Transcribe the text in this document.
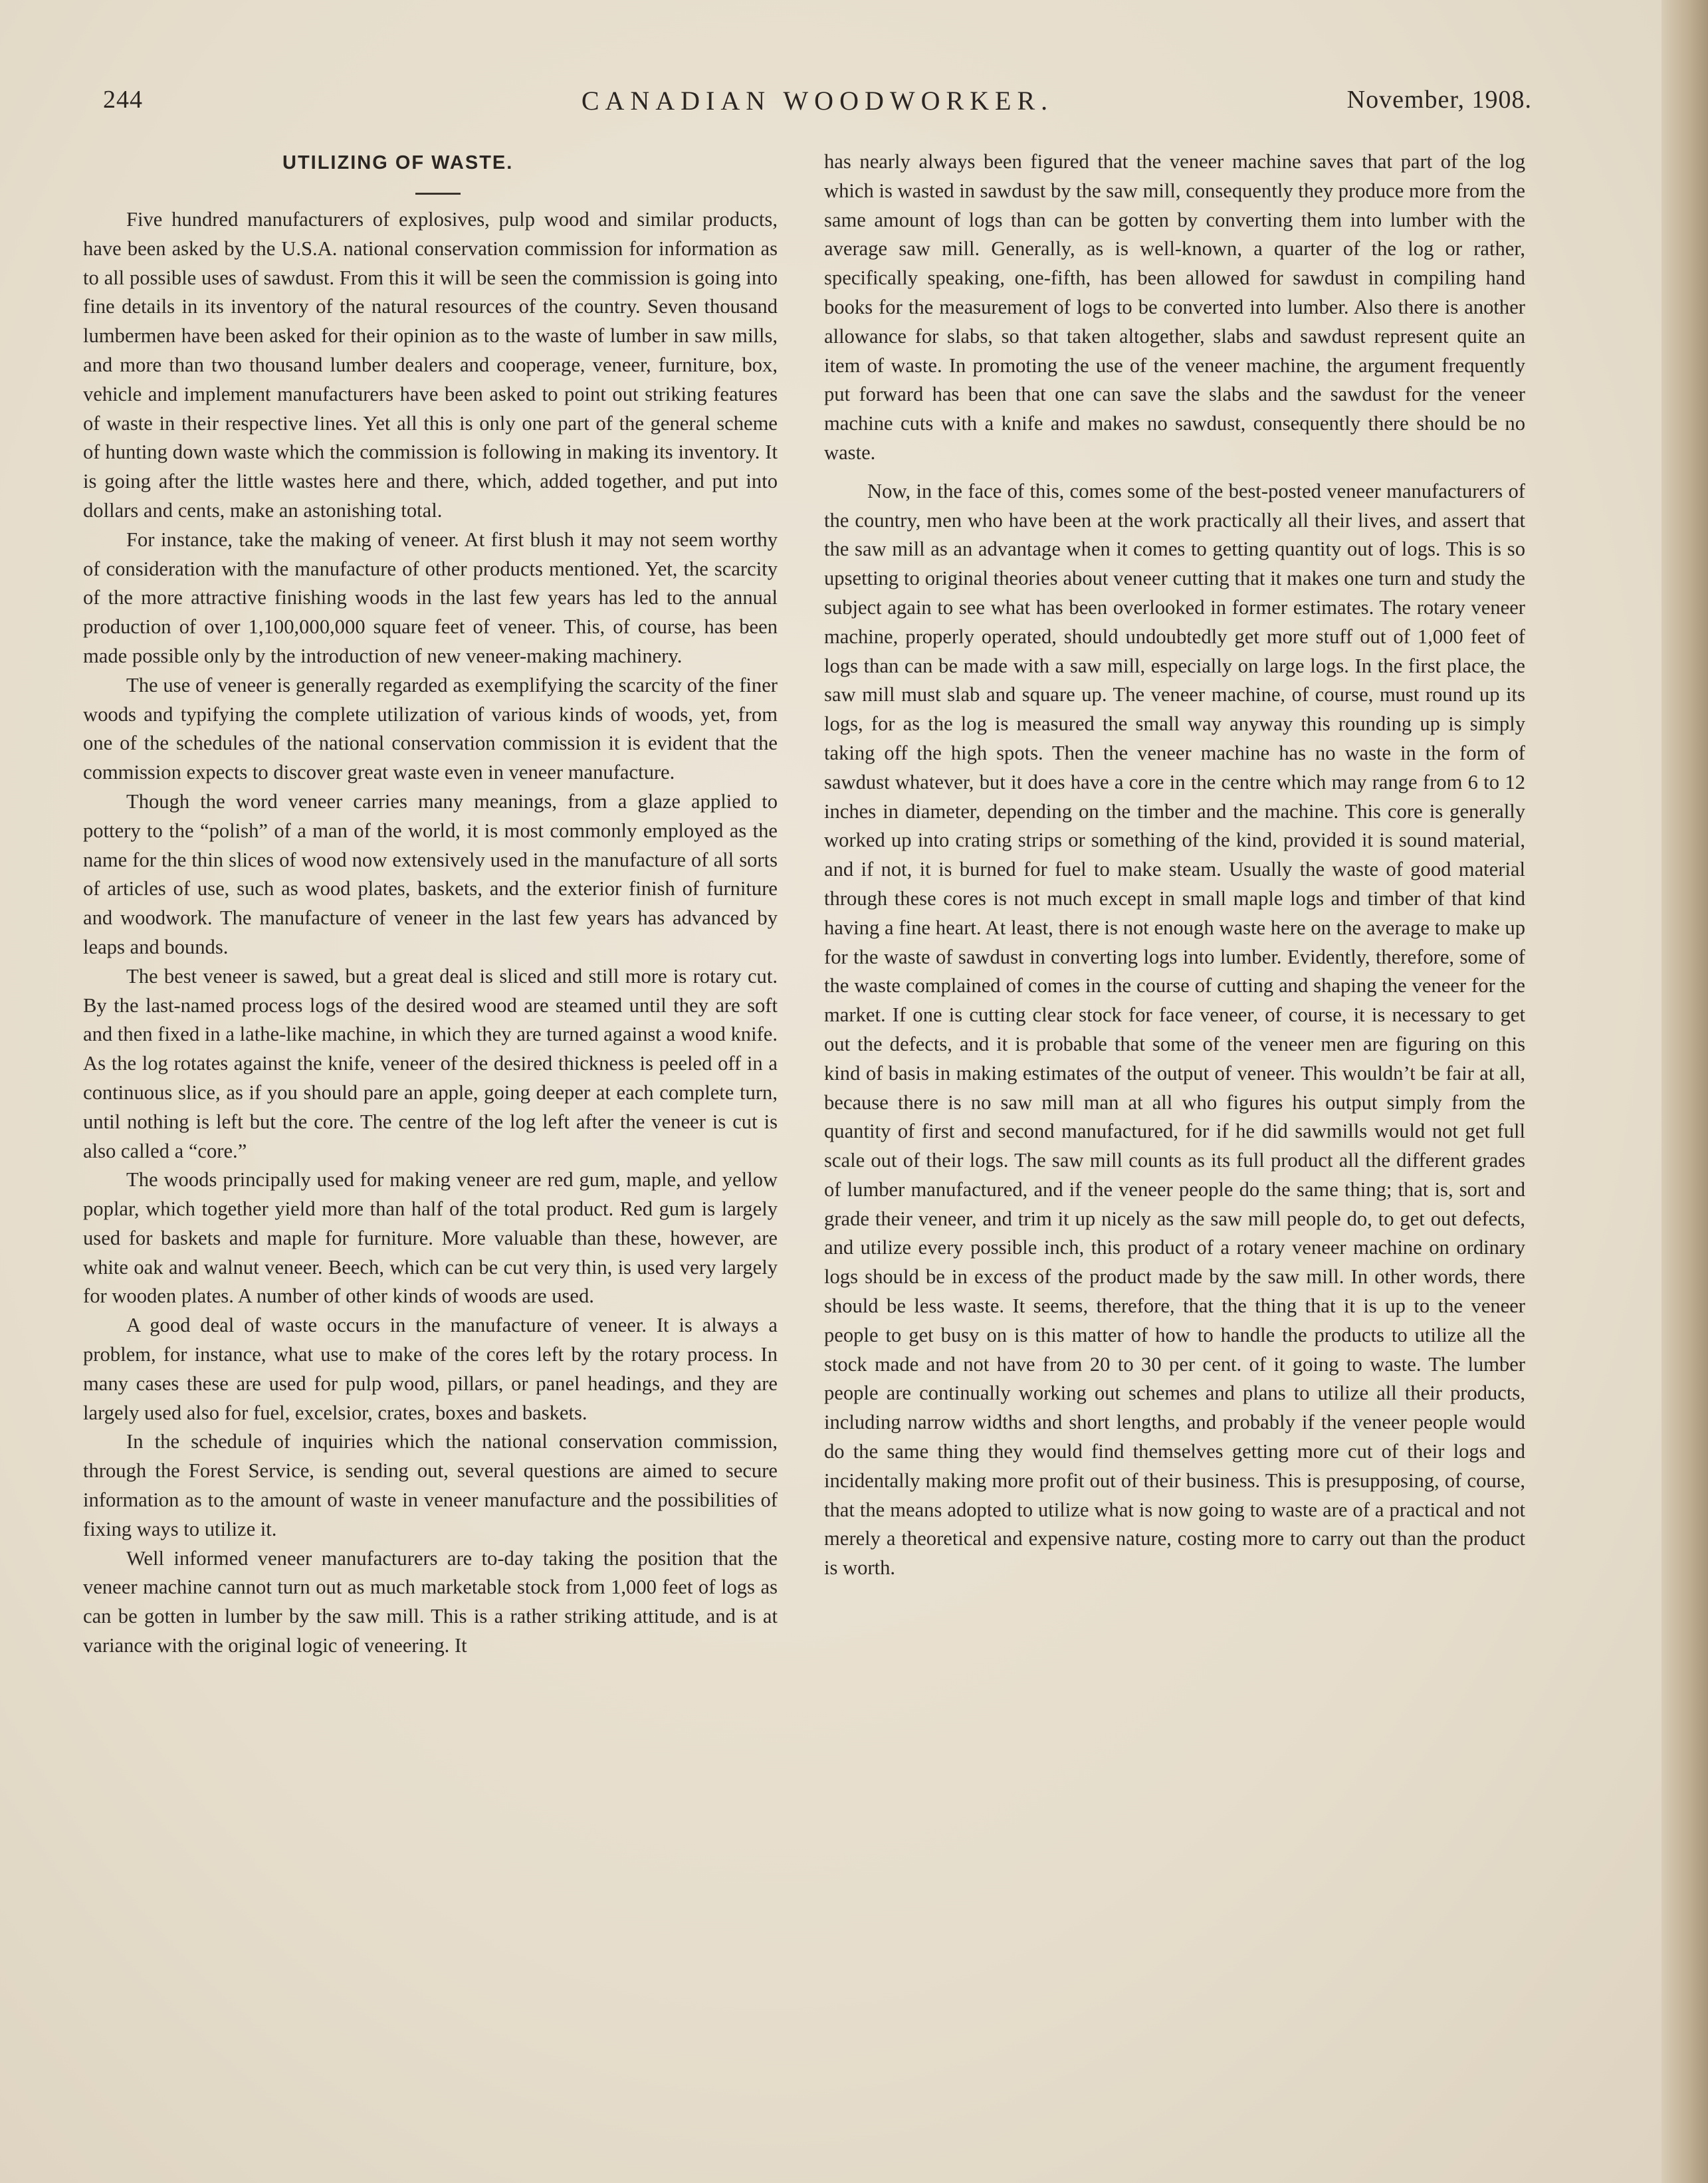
244	CANADIAN WOODWORKER.	November, 1908.
UTILIZING OF WASTE.

Five hundred manufacturers of explosives, pulp wood and similar products, have been asked by the U.S.A. national conservation commission for information as to all possible uses of sawdust. From this it will be seen the commission is going into fine details in its inventory of the natural resources of the country. Seven thousand lumbermen have been asked for their opinion as to the waste of lumber in saw mills, and more than two thousand lumber dealers and cooperage, veneer, furniture, box, vehicle and implement manufacturers have been asked to point out striking features of waste in their respective lines. Yet all this is only one part of the general scheme of hunting down waste which the commission is following in making its inventory. It is going after the little wastes here and there, which, added together, and put into dollars and cents, make an astonishing total.

For instance, take the making of veneer. At first blush it may not seem worthy of consideration with the manufacture of other products mentioned. Yet, the scarcity of the more attractive finishing woods in the last few years has led to the annual production of over 1,100,000,000 square feet of veneer. This, of course, has been made possible only by the introduction of new veneer-making machinery.

The use of veneer is generally regarded as exemplifying the scarcity of the finer woods and typifying the complete utilization of various kinds of woods, yet, from one of the schedules of the national conservation commission it is evident that the commission expects to discover great waste even in veneer manufacture.

Though the word veneer carries many meanings, from a glaze applied to pottery to the “polish” of a man of the world, it is most commonly employed as the name for the thin slices of wood now extensively used in the manufacture of all sorts of articles of use, such as wood plates, baskets, and the exterior finish of furniture and woodwork. The manufacture of veneer in the last few years has advanced by leaps and bounds.

The best veneer is sawed, but a great deal is sliced and still more is rotary cut. By the last-named process logs of the desired wood are steamed until they are soft and then fixed in a lathe-like machine, in which they are turned against a wood knife. As the log rotates against the knife, veneer of the desired thickness is peeled off in a continuous slice, as if you should pare an apple, going deeper at each complete turn, until nothing is left but the core. The centre of the log left after the veneer is cut is also called a “core.”

The woods principally used for making veneer are red gum, maple, and yellow poplar, which together yield more than half of the total product. Red gum is largely used for baskets and maple for furniture. More valuable than these, however, are white oak and walnut veneer. Beech, which can be cut very thin, is used very largely for wooden plates. A number of other kinds of woods are used.

A good deal of waste occurs in the manufacture of veneer. It is always a problem, for instance, what use to make of the cores left by the rotary process. In many cases these are used for pulp wood, pillars, or panel headings, and they are largely used also for fuel, excelsior, crates, boxes and baskets.

In the schedule of inquiries which the national conservation commission, through the Forest Service, is sending out, several questions are aimed to secure information as to the amount of waste in veneer manufacture and the possibilities of fixing ways to utilize it.

Well informed veneer manufacturers are to-day taking the position that the veneer machine cannot turn out as much marketable stock from 1,000 feet of logs as can be gotten in lumber by the saw mill. This is a rather striking attitude, and is at variance with the original logic of veneering. It

has nearly always been figured that the veneer machine saves that part of the log which is wasted in sawdust by the saw mill, consequently they produce more from the same amount of logs than can be gotten by converting them into lumber with the average saw mill. Generally, as is well-known, a quarter of the log or rather, specifically speaking, one-fifth, has been allowed for sawdust in compiling hand books for the measurement of logs to be converted into lumber. Also there is another allowance for slabs, so that taken altogether, slabs and sawdust represent quite an item of waste. In promoting the use of the veneer machine, the argument frequently put forward has been that one can save the slabs and the sawdust for the veneer machine cuts with a knife and makes no sawdust, consequently there should be no waste.

Now, in the face of this, comes some of the best-posted veneer manufacturers of the country, men who have been at the work practically all their lives, and assert that the saw mill as an advantage when it comes to getting quantity out of logs. This is so upsetting to original theories about veneer cutting that it makes one turn and study the subject again to see what has been overlooked in former estimates. The rotary veneer machine, properly operated, should undoubtedly get more stuff out of 1,000 feet of logs than can be made with a saw mill, especially on large logs. In the first place, the saw mill must slab and square up. The veneer machine, of course, must round up its logs, for as the log is measured the small way anyway this rounding up is simply taking off the high spots. Then the veneer machine has no waste in the form of sawdust whatever, but it does have a core in the centre which may range from 6 to 12 inches in diameter, depending on the timber and the machine. This core is generally worked up into crating strips or something of the kind, provided it is sound material, and if not, it is burned for fuel to make steam. Usually the waste of good material through these cores is not much except in small maple logs and timber of that kind having a fine heart. At least, there is not enough waste here on the average to make up for the waste of sawdust in converting logs into lumber. Evidently, therefore, some of the waste complained of comes in the course of cutting and shaping the veneer for the market. If one is cutting clear stock for face veneer, of course, it is necessary to get out the defects, and it is probable that some of the veneer men are figuring on this kind of basis in making estimates of the output of veneer. This wouldn’t be fair at all, because there is no saw mill man at all who figures his output simply from the quantity of first and second manufactured, for if he did sawmills would not get full scale out of their logs. The saw mill counts as its full product all the different grades of lumber manufactured, and if the veneer people do the same thing; that is, sort and grade their veneer, and trim it up nicely as the saw mill people do, to get out defects, and utilize every possible inch, this product of a rotary veneer machine on ordinary logs should be in excess of the product made by the saw mill. In other words, there should be less waste. It seems, therefore, that the thing that it is up to the veneer people to get busy on is this matter of how to handle the products to utilize all the stock made and not have from 20 to 30 per cent. of it going to waste. The lumber people are continually working out schemes and plans to utilize all their products, including narrow widths and short lengths, and probably if the veneer people would do the same thing they would find themselves getting more cut of their logs and incidentally making more profit out of their business. This is presupposing, of course, that the means adopted to utilize what is now going to waste are of a practical and not merely a theoretical and expensive nature, costing more to carry out than the product is worth.
